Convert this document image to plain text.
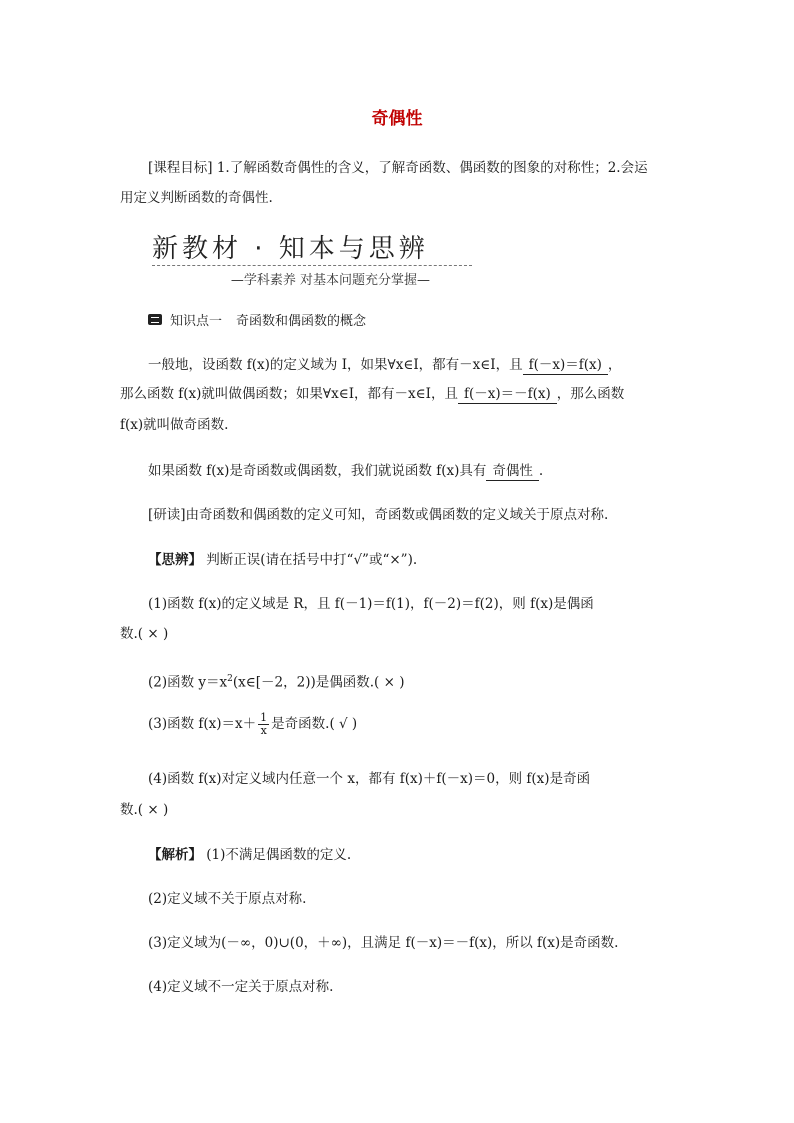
奇偶性
[课程目标] 1.了解函数奇偶性的含义，了解奇函数、偶函数的图象的对称性；2.会运
用定义判断函数的奇偶性.
新教材 · 知本与思辨
—学科素养 对基本问题充分掌握—
知识点一 奇函数和偶函数的概念
一般地，设函数 f(x)的定义域为 I，如果∀x∈I，都有－x∈I，且 f(－x)＝f(x) ，
那么函数 f(x)就叫做偶函数；如果∀x∈I，都有－x∈I，且 f(－x)＝－f(x) ，那么函数
f(x)就叫做奇函数.
如果函数 f(x)是奇函数或偶函数，我们就说函数 f(x)具有 奇偶性 .
[研读]由奇函数和偶函数的定义可知，奇函数或偶函数的定义域关于原点对称.
【思辨】 判断正误(请在括号中打“√”或“×”).
(1)函数 f(x)的定义域是 R，且 f(－1)＝f(1)，f(－2)＝f(2)，则 f(x)是偶函
数.( × )
(2)函数 $y=x^2(x\in[-2$，2))是偶函数.( × )
(3)函数 $f(x)=x+ \frac{1}{x}$ 是奇函数.( √ )
(4)函数 f(x)对定义域内任意一个 x，都有 f(x)＋f(－x)＝0，则 f(x)是奇函
数.( × )
【解析】 (1)不满足偶函数的定义.
(2)定义域不关于原点对称.
(3)定义域为(－∞，0)∪(0，＋∞)，且满足 f(－x)＝－f(x)，所以 f(x)是奇函数.
(4)定义域不一定关于原点对称.
